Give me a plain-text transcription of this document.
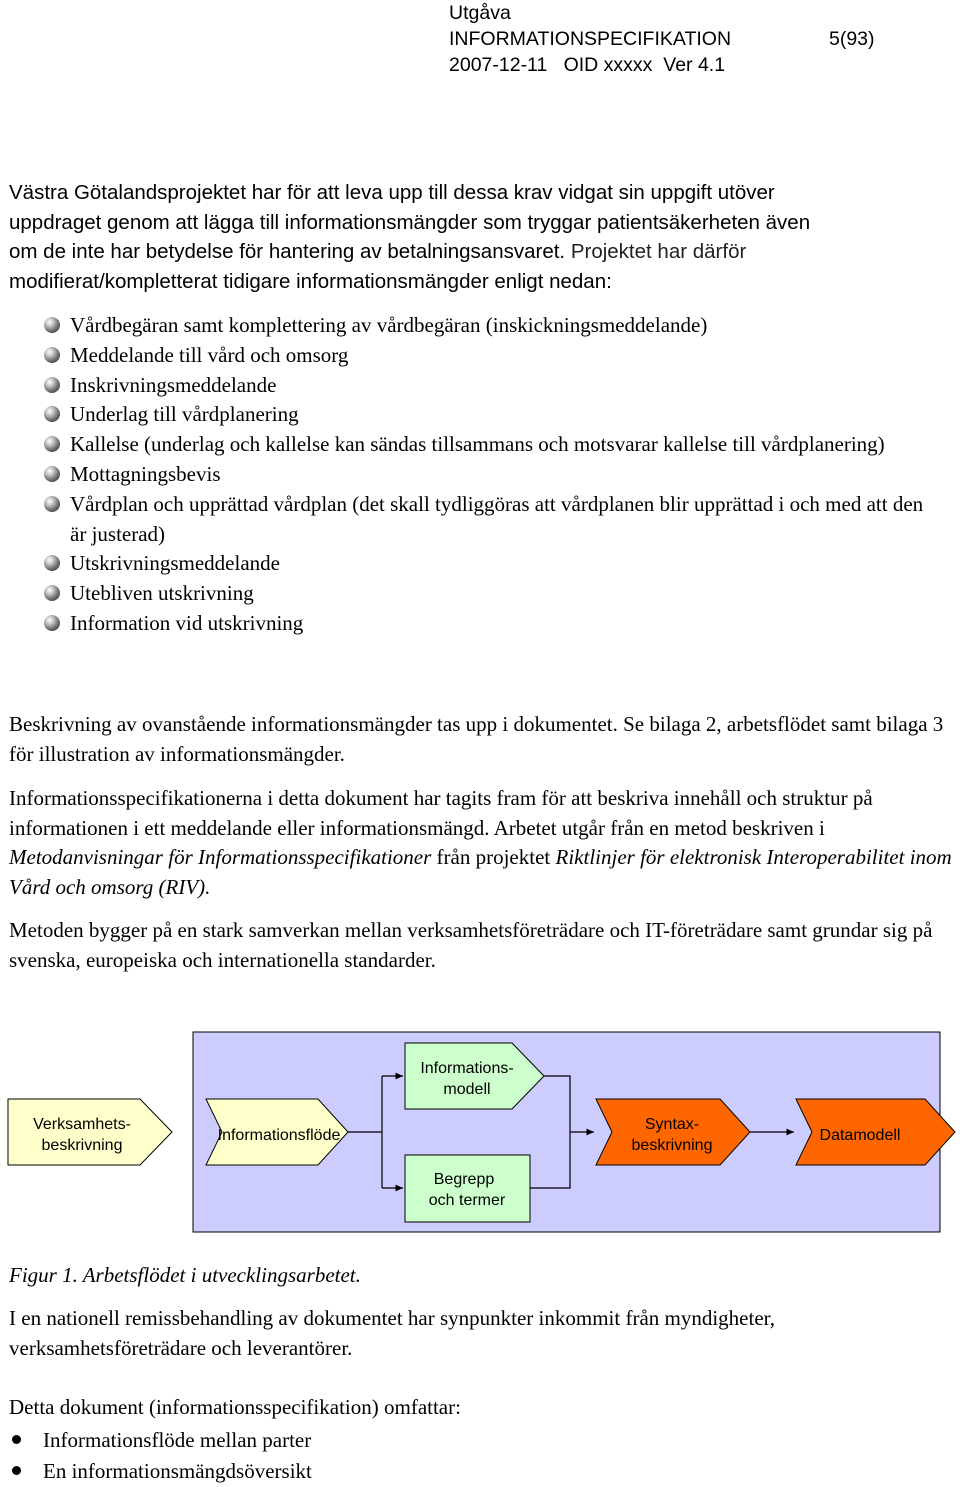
Utgåva
INFORMATIONSPECIFIKATION	5(93)
2007-12-11 OID xxxxx Ver 4.1
Västra Götalandsprojektet har för att leva upp till dessa krav vidgat sin uppgift utöver
uppdraget genom att lägga till informationsmängder som tryggar patientsäkerheten även
om de inte har betydelse för hantering av betalningsansvaret. Projektet har därför
modifierat/kompletterat tidigare informationsmängder enligt nedan:
Vårdbegäran samt komplettering av vårdbegäran (inskickningsmeddelande)
Meddelande till vård och omsorg
Inskrivningsmeddelande
Underlag till vårdplanering
Kallelse (underlag och kallelse kan sändas tillsammans och motsvarar kallelse till vårdplanering)
Mottagningsbevis
Vårdplan och upprättad vårdplan (det skall tydliggöras att vårdplanen blir upprättad i och med att den är justerad)
Utskrivningsmeddelande
Utebliven utskrivning
Information vid utskrivning

Beskrivning av ovanstående informationsmängder tas upp i dokumentet. Se bilaga 2, arbetsflödet samt bilaga 3 för illustration av informationsmängder.

Informationsspecifikationerna i detta dokument har tagits fram för att beskriva innehåll och struktur på informationen i ett meddelande eller informationsmängd. Arbetet utgår från en metod beskriven i Metodanvisningar för Informationsspecifikationer från projektet Riktlinjer för elektronisk Interoperabilitet inom Vård och omsorg (RIV).

Metoden bygger på en stark samverkan mellan verksamhetsföreträdare och IT-företrädare samt grundar sig på svenska, europeiska och internationella standarder.

Verksamhets-
beskrivning
Informationsflöde
Informations-
modell
Begrepp
och termer
Syntax-
beskrivning
Datamodell
Figur 1. Arbetsflödet i utvecklingsarbetet.

I en nationell remissbehandling av dokumentet har synpunkter inkommit från myndigheter, verksamhetsföreträdare och leverantörer.

Detta dokument (informationsspecifikation) omfattar:

Informationsflöde mellan parter
En informationsmängdsöversikt
